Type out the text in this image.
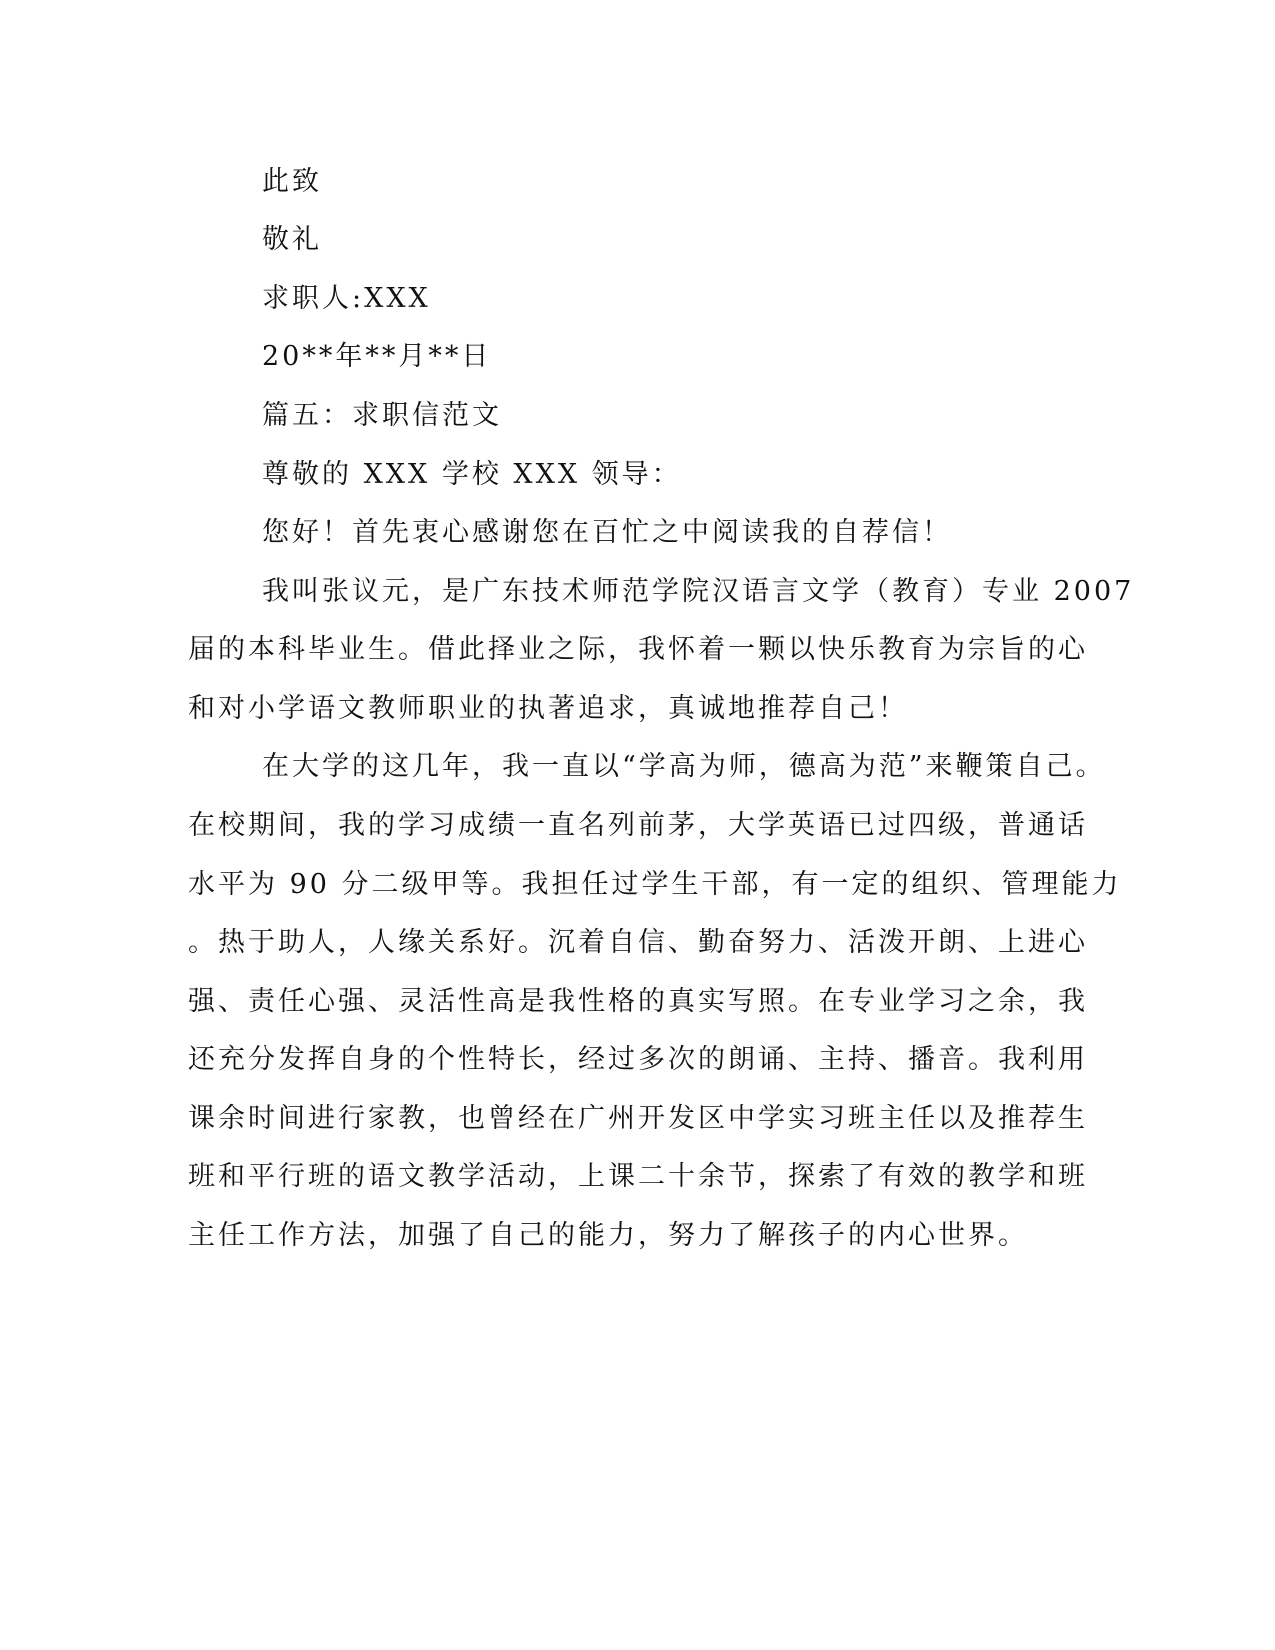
此致
敬礼
求职人:XXX
20**年**月**日
篇五：求职信范文
尊敬的 XXX 学校 XXX 领导：
您好！首先衷心感谢您在百忙之中阅读我的自荐信！
我叫张议元，是广东技术师范学院汉语言文学（教育）专业 2007
届的本科毕业生。借此择业之际，我怀着一颗以快乐教育为宗旨的心
和对小学语文教师职业的执著追求，真诚地推荐自己！
在大学的这几年，我一直以“学高为师，德高为范”来鞭策自己。
在校期间，我的学习成绩一直名列前茅，大学英语已过四级，普通话
水平为 90 分二级甲等。我担任过学生干部，有一定的组织、管理能力
。热于助人，人缘关系好。沉着自信、勤奋努力、活泼开朗、上进心
强、责任心强、灵活性高是我性格的真实写照。在专业学习之余，我
还充分发挥自身的个性特长，经过多次的朗诵、主持、播音。我利用
课余时间进行家教，也曾经在广州开发区中学实习班主任以及推荐生
班和平行班的语文教学活动，上课二十余节，探索了有效的教学和班
主任工作方法，加强了自己的能力，努力了解孩子的内心世界。
